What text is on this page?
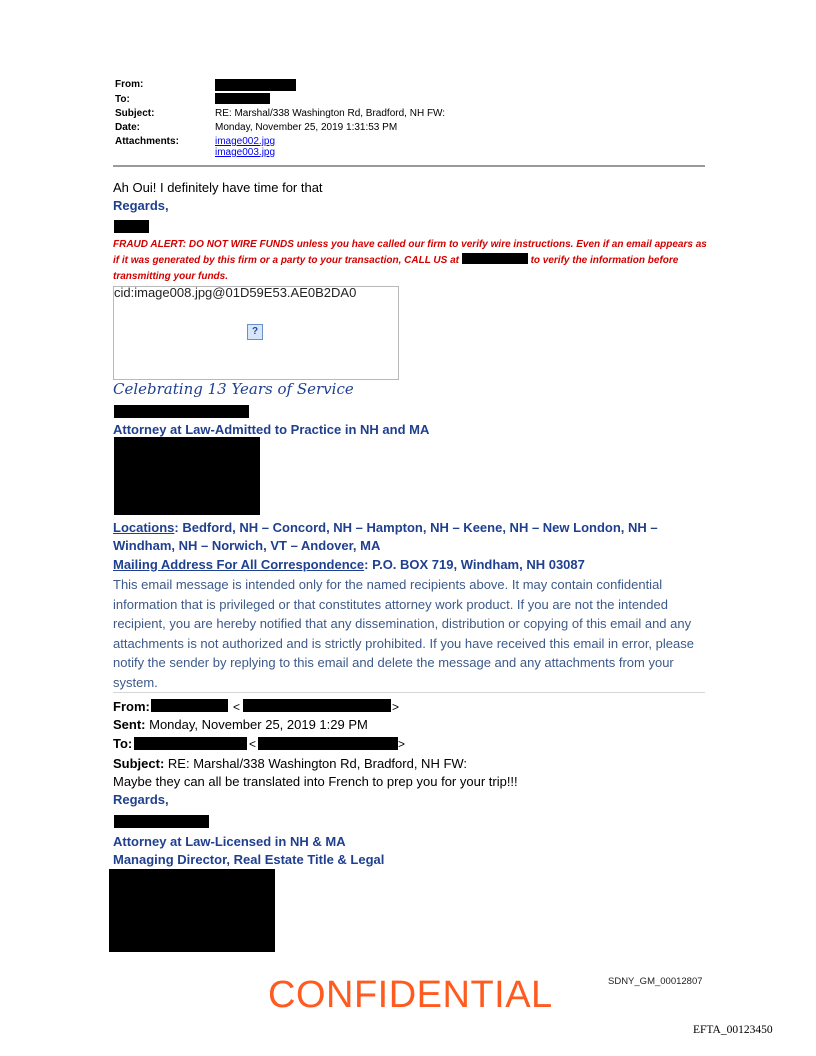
From:
To:
Subject:	RE: Marshal/338 Washington Rd, Bradford, NH FW:
Date:	Monday, November 25, 2019 1:31:53 PM
Attachments:	image002.jpg
image003.jpg
Ah Oui! I definitely have time for that
Regards,
FRAUD ALERT: DO NOT WIRE FUNDS unless you have called our firm to verify wire instructions. Even if an email appears as if it was generated by this firm or a party to your transaction, CALL US at	to verify the information before transmitting your funds.
cid:image008.jpg@01D59E53.AE0B2DA0
?
Celebrating 13 Years of Service
Attorney at Law-Admitted to Practice in NH and MA
Locations: Bedford, NH – Concord, NH – Hampton, NH – Keene, NH – New London, NH –
Windham, NH – Norwich, VT – Andover, MA
Mailing Address For All Correspondence: P.O. BOX 719, Windham, NH 03087
This email message is intended only for the named recipients above. It may contain confidential information that is privileged or that constitutes attorney work product. If you are not the intended recipient, you are hereby notified that any dissemination, distribution or copying of this email and any attachments is not authorized and is strictly prohibited. If you have received this email in error, please notify the sender by replying to this email and delete the message and any attachments from your system.
From:	<	>
Sent: Monday, November 25, 2019 1:29 PM
To:	<	>
Subject: RE: Marshal/338 Washington Rd, Bradford, NH FW:
Maybe they can all be translated into French to prep you for your trip!!!
Regards,
Attorney at Law-Licensed in NH & MA
Managing Director, Real Estate Title & Legal
CONFIDENTIAL	SDNY_GM_00012807
EFTA_00123450
